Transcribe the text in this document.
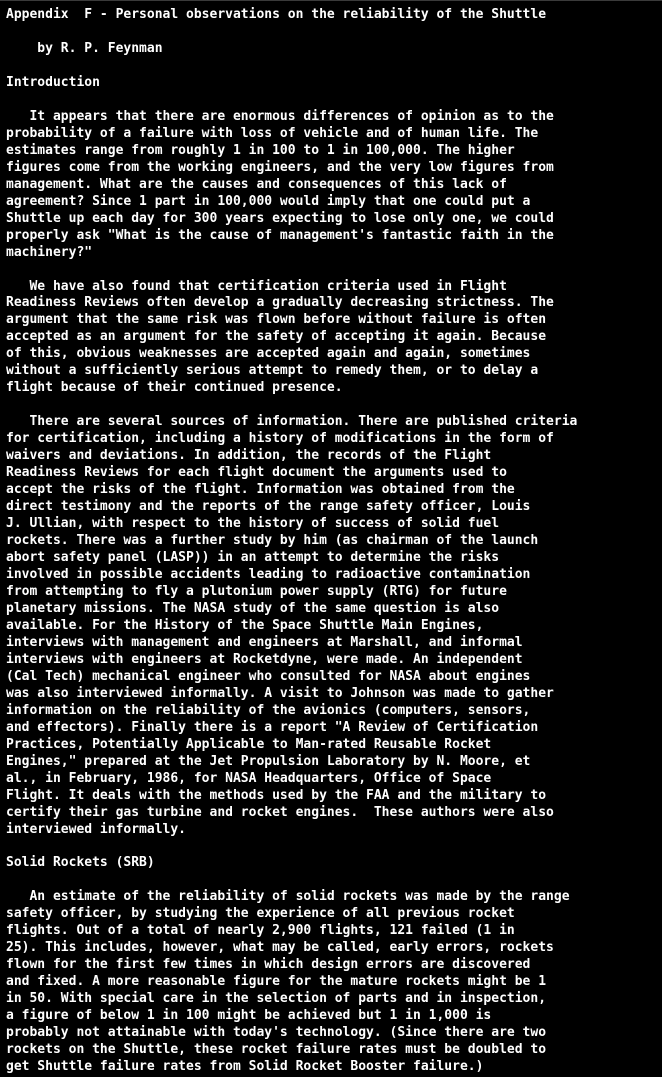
Appendix  F - Personal observations on the reliability of the Shuttle
by R. P. Feynman
Introduction
It appears that there are enormous differences of opinion as to the
probability of a failure with loss of vehicle and of human life. The
estimates range from roughly 1 in 100 to 1 in 100,000. The higher
figures come from the working engineers, and the very low figures from
management. What are the causes and consequences of this lack of
agreement? Since 1 part in 100,000 would imply that one could put a
Shuttle up each day for 300 years expecting to lose only one, we could
properly ask "What is the cause of management's fantastic faith in the
machinery?"
We have also found that certification criteria used in Flight
Readiness Reviews often develop a gradually decreasing strictness. The
argument that the same risk was flown before without failure is often
accepted as an argument for the safety of accepting it again. Because
of this, obvious weaknesses are accepted again and again, sometimes
without a sufficiently serious attempt to remedy them, or to delay a
flight because of their continued presence.
There are several sources of information. There are published criteria
for certification, including a history of modifications in the form of
waivers and deviations. In addition, the records of the Flight
Readiness Reviews for each flight document the arguments used to
accept the risks of the flight. Information was obtained from the
direct testimony and the reports of the range safety officer, Louis
J. Ullian, with respect to the history of success of solid fuel
rockets. There was a further study by him (as chairman of the launch
abort safety panel (LASP)) in an attempt to determine the risks
involved in possible accidents leading to radioactive contamination
from attempting to fly a plutonium power supply (RTG) for future
planetary missions. The NASA study of the same question is also
available. For the History of the Space Shuttle Main Engines,
interviews with management and engineers at Marshall, and informal
interviews with engineers at Rocketdyne, were made. An independent
(Cal Tech) mechanical engineer who consulted for NASA about engines
was also interviewed informally. A visit to Johnson was made to gather
information on the reliability of the avionics (computers, sensors,
and effectors). Finally there is a report "A Review of Certification
Practices, Potentially Applicable to Man-rated Reusable Rocket
Engines," prepared at the Jet Propulsion Laboratory by N. Moore, et
al., in February, 1986, for NASA Headquarters, Office of Space
Flight. It deals with the methods used by the FAA and the military to
certify their gas turbine and rocket engines.  These authors were also
interviewed informally.
Solid Rockets (SRB)
An estimate of the reliability of solid rockets was made by the range
safety officer, by studying the experience of all previous rocket
flights. Out of a total of nearly 2,900 flights, 121 failed (1 in
25). This includes, however, what may be called, early errors, rockets
flown for the first few times in which design errors are discovered
and fixed. A more reasonable figure for the mature rockets might be 1
in 50. With special care in the selection of parts and in inspection,
a figure of below 1 in 100 might be achieved but 1 in 1,000 is
probably not attainable with today's technology. (Since there are two
rockets on the Shuttle, these rocket failure rates must be doubled to
get Shuttle failure rates from Solid Rocket Booster failure.)
